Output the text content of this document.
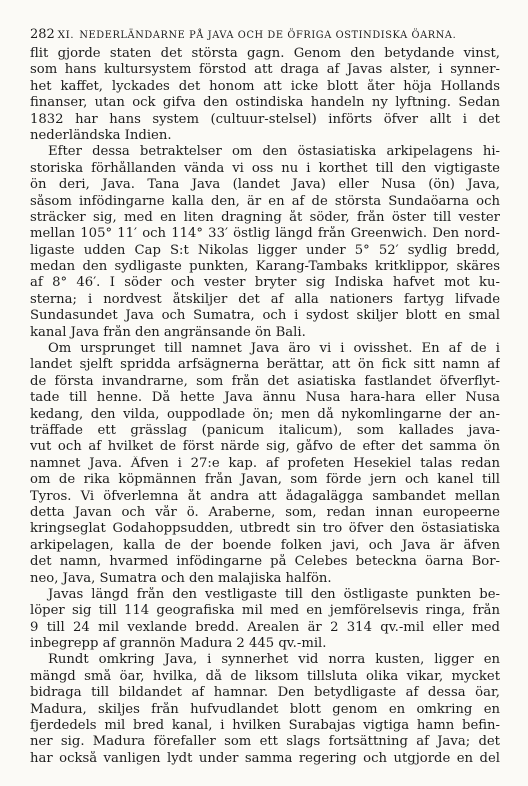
282 XI. NEDERLÄNDARNE PÅ JAVA OCH DE ÖFRIGA OSTINDISKA ÖARNA.
flit gjorde staten det största gagn. Genom den betydande vinst,
som hans kultursystem förstod att draga af Javas alster, i synner-
het kaffet, lyckades det honom att icke blott åter höja Hollands
finanser, utan ock gifva den ostindiska handeln ny lyftning. Sedan
1832 har hans system (cultuur-stelsel) införts öfver allt i det
nederländska Indien.
Efter dessa betraktelser om den östasiatiska arkipelagens hi-
storiska förhållanden vända vi oss nu i korthet till den vigtigaste
ön deri, Java. Tana Java (landet Java) eller Nusa (ön) Java,
såsom infödingarne kalla den, är en af de största Sundaöarna och
sträcker sig, med en liten dragning åt söder, från öster till vester
mellan 105° 11′ och 114° 33′ östlig längd från Greenwich. Den nord-
ligaste udden Cap S:t Nikolas ligger under 5° 52′ sydlig bredd,
medan den sydligaste punkten, Karang-Tambaks kritklippor, skäres
af 8° 46′. I söder och vester bryter sig Indiska hafvet mot ku-
sterna; i nordvest åtskiljer det af alla nationers fartyg lifvade
Sundasundet Java och Sumatra, och i sydost skiljer blott en smal
kanal Java från den angränsande ön Bali.
Om ursprunget till namnet Java äro vi i ovisshet. En af de i
landet sjelft spridda arfsägnerna berättar, att ön fick sitt namn af
de första invandrarne, som från det asiatiska fastlandet öfverflyt-
tade till henne. Då hette Java ännu Nusa hara-hara eller Nusa
kedang, den vilda, ouppodlade ön; men då nykomlingarne der an-
träffade ett grässlag (panicum italicum), som kallades java-
vut och af hvilket de först närde sig, gåfvo de efter det samma ön
namnet Java. Äfven i 27:e kap. af profeten Hesekiel talas redan
om de rika köpmännen från Javan, som förde jern och kanel till
Tyros. Vi öfverlemna åt andra att ådagalägga sambandet mellan
detta Javan och vår ö. Araberne, som, redan innan europeerne
kringseglat Godahoppsudden, utbredt sin tro öfver den östasiatiska
arkipelagen, kalla de der boende folken javi, och Java är äfven
det namn, hvarmed infödingarne på Celebes beteckna öarna Bor-
neo, Java, Sumatra och den malajiska halfön.
Javas längd från den vestligaste till den östligaste punkten be-
löper sig till 114 geografiska mil med en jemförelsevis ringa, från
9 till 24 mil vexlande bredd. Arealen är 2 314 qv.-mil eller med
inbegrepp af grannön Madura 2 445 qv.-mil.
Rundt omkring Java, i synnerhet vid norra kusten, ligger en
mängd små öar, hvilka, då de liksom tillsluta olika vikar, mycket
bidraga till bildandet af hamnar. Den betydligaste af dessa öar,
Madura, skiljes från hufvudlandet blott genom en omkring en
fjerdedels mil bred kanal, i hvilken Surabajas vigtiga hamn befin-
ner sig. Madura förefaller som ett slags fortsättning af Java; det
har också vanligen lydt under samma regering och utgjorde en del
